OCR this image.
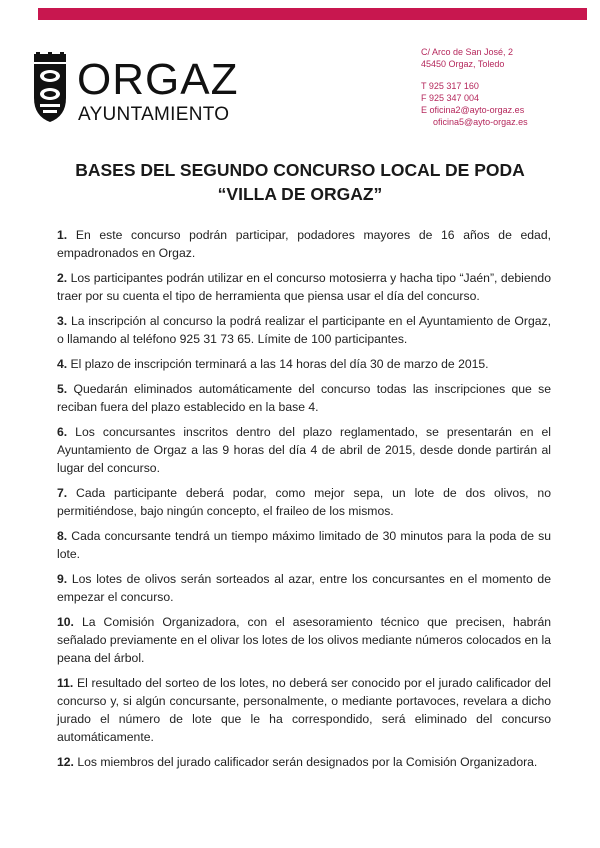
ORGAZ
AYUNTAMIENTO
C/ Arco de San José, 2
45450 Orgaz, Toledo
T 925 317 160
F 925 347 004
E oficina2@ayto-orgaz.es
oficina5@ayto-orgaz.es
BASES DEL SEGUNDO CONCURSO LOCAL DE PODA
“VILLA DE ORGAZ”

1. En este concurso podrán participar, podadores mayores de 16 años de edad, empadronados en Orgaz.

2. Los participantes podrán utilizar en el concurso motosierra y hacha tipo “Jaén”, debiendo traer por su cuenta el tipo de herramienta que piensa usar el día del concurso.

3. La inscripción al concurso la podrá realizar el participante en el Ayuntamiento de Orgaz, o llamando al teléfono 925 31 73 65. Límite de 100 participantes.

4. El plazo de inscripción terminará a las 14 horas del día 30 de marzo de 2015.

5. Quedarán eliminados automáticamente del concurso todas las inscripciones que se reciban fuera del plazo establecido en la base 4.

6. Los concursantes inscritos dentro del plazo reglamentado, se presentarán en el Ayuntamiento de Orgaz a las 9 horas del día 4 de abril de 2015, desde donde partirán al lugar del concurso.

7. Cada participante deberá podar, como mejor sepa, un lote de dos olivos, no permitiéndose, bajo ningún concepto, el fraileo de los mismos.

8. Cada concursante tendrá un tiempo máximo limitado de 30 minutos para la poda de su lote.

9. Los lotes de olivos serán sorteados al azar, entre los concursantes en el momento de empezar el concurso.

10. La Comisión Organizadora, con el asesoramiento técnico que precisen, habrán señalado previamente en el olivar los lotes de los olivos mediante números colocados en la peana del árbol.

11. El resultado del sorteo de los lotes, no deberá ser conocido por el jurado calificador del concurso y, si algún concursante, personalmente, o mediante portavoces, revelara a dicho jurado el número de lote que le ha correspondido, será eliminado del concurso automáticamente.

12. Los miembros del jurado calificador serán designados por la Comisión Organizadora.
